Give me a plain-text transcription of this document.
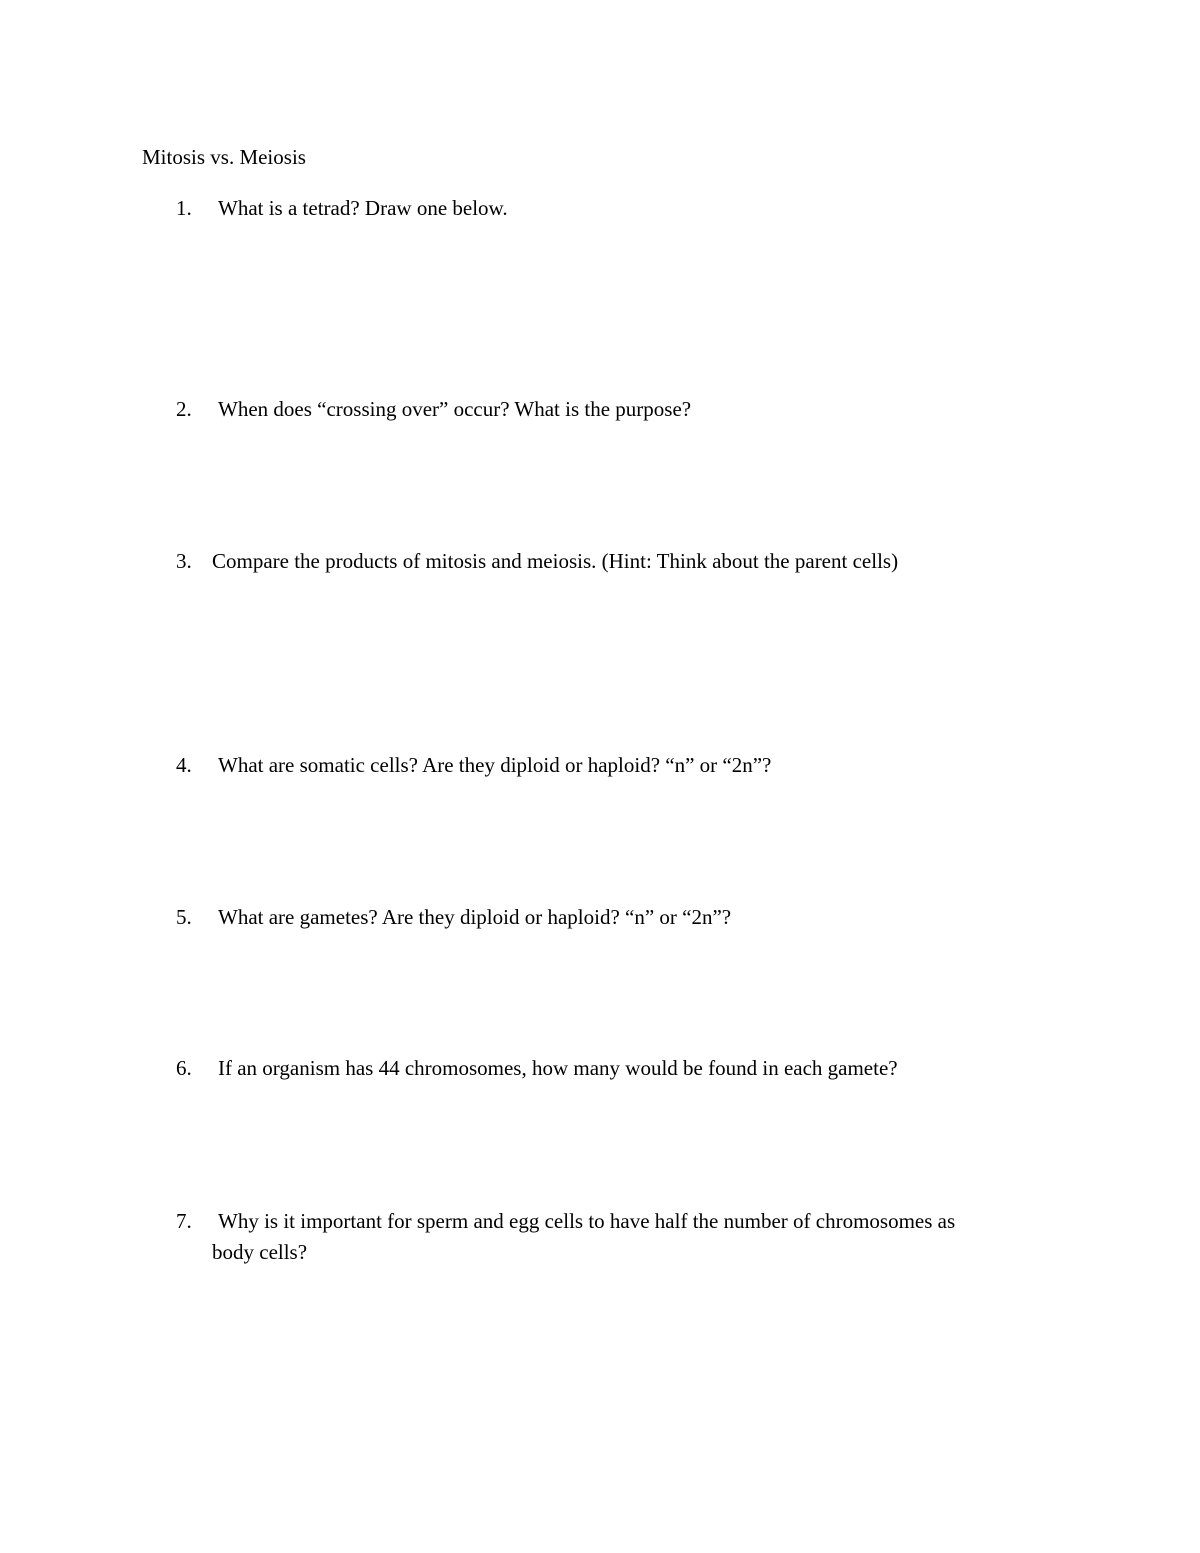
Mitosis vs. Meiosis
1. What is a tetrad? Draw one below.
2. When does “crossing over” occur? What is the purpose?
3. Compare the products of mitosis and meiosis. (Hint: Think about the parent cells)
4. What are somatic cells? Are they diploid or haploid? “n” or “2n”?
5. What are gametes? Are they diploid or haploid? “n” or “2n”?
6. If an organism has 44 chromosomes, how many would be found in each gamete?
7. Why is it important for sperm and egg cells to have half the number of chromosomes as
body cells?
